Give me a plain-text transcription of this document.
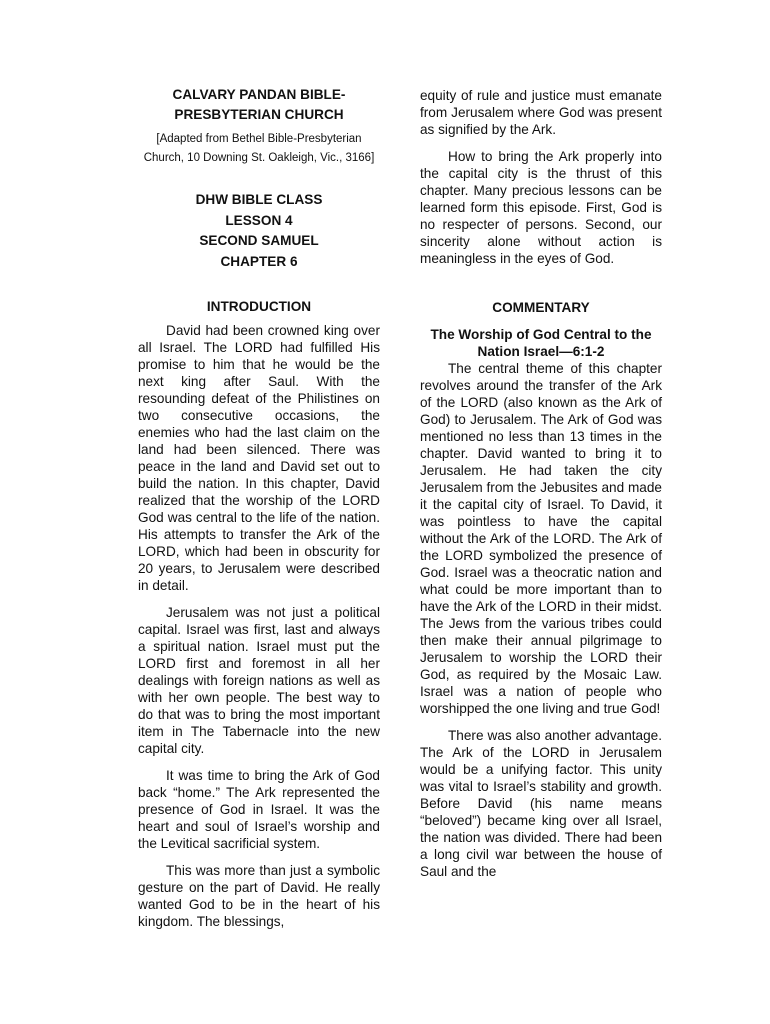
CALVARY PANDAN BIBLE-

PRESBYTERIAN CHURCH

[Adapted from Bethel Bible-Presbyterian
Church, 10 Downing St. Oakleigh, Vic., 3166]

DHW BIBLE CLASS

LESSON 4

SECOND SAMUEL

CHAPTER 6

INTRODUCTION

David had been crowned king over all Israel. The LORD had fulfilled His promise to him that he would be the next king after Saul. With the resounding defeat of the Philistines on two consecutive occasions, the enemies who had the last claim on the land had been silenced. There was peace in the land and David set out to build the nation. In this chapter, David realized that the worship of the LORD God was central to the life of the nation. His attempts to transfer the Ark of the LORD, which had been in obscurity for 20 years, to Jerusalem were described in detail.

Jerusalem was not just a political capital. Israel was first, last and always a spiritual nation. Israel must put the LORD first and foremost in all her dealings with foreign nations as well as with her own people. The best way to do that was to bring the most important item in The Tabernacle into the new capital city.

It was time to bring the Ark of God back “home.” The Ark represented the presence of God in Israel. It was the heart and soul of Israel’s worship and the Levitical sacrificial system.

This was more than just a symbolic gesture on the part of David. He really wanted God to be in the heart of his kingdom. The blessings,

equity of rule and justice must emanate from Jerusalem where God was present as signified by the Ark.

How to bring the Ark properly into the capital city is the thrust of this chapter. Many precious lessons can be learned form this episode. First, God is no respecter of persons. Second, our sincerity alone without action is meaningless in the eyes of God.

COMMENTARY

The Worship of God Central to the
Nation Israel—6:1-2

The central theme of this chapter revolves around the transfer of the Ark of the LORD (also known as the Ark of God) to Jerusalem. The Ark of God was mentioned no less than 13 times in the chapter. David wanted to bring it to Jerusalem. He had taken the city Jerusalem from the Jebusites and made it the capital city of Israel. To David, it was pointless to have the capital without the Ark of the LORD. The Ark of the LORD symbolized the presence of God. Israel was a theocratic nation and what could be more important than to have the Ark of the LORD in their midst. The Jews from the various tribes could then make their annual pilgrimage to Jerusalem to worship the LORD their God, as required by the Mosaic Law. Israel was a nation of people who worshipped the one living and true God!

There was also another advantage. The Ark of the LORD in Jerusalem would be a unifying factor. This unity was vital to Israel’s stability and growth. Before David (his name means “beloved”) became king over all Israel, the nation was divided. There had been a long civil war between the house of Saul and the
